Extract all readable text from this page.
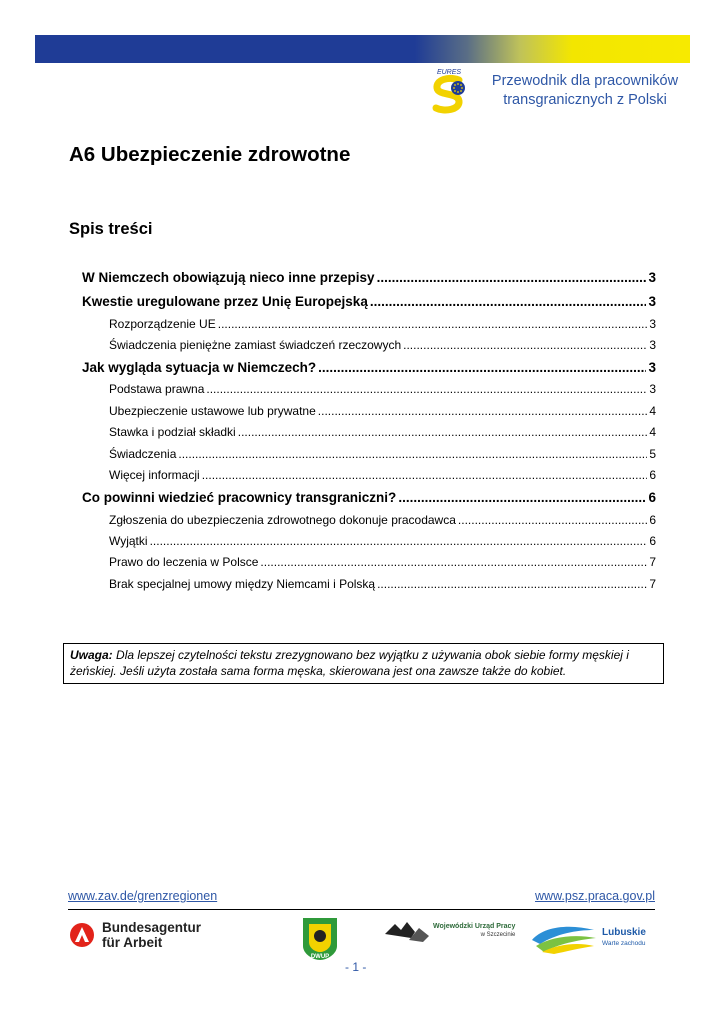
EURES
Przewodnik dla pracowników
transgranicznych z Polski
A6 Ubezpieczenie zdrowotne
Spis treści
W Niemczech obowiązują nieco inne przepisy .....	3
Kwestie uregulowane przez Unię Europejską .....	3
Rozporządzenie UE .....	3
Świadczenia pieniężne zamiast świadczeń rzeczowych .....	3
Jak wygląda sytuacja w Niemczech? .....	3
Podstawa prawna .....	3
Ubezpieczenie ustawowe lub prywatne .....	4
Stawka i podział składki .....	4
Świadczenia .....	5
Więcej informacji .....	6
Co powinni wiedzieć pracownicy transgraniczni? .....	6
Zgłoszenia do ubezpieczenia zdrowotnego dokonuje pracodawca .....	6
Wyjątki .....	6
Prawo do leczenia w Polsce .....	7
Brak specjalnej umowy między Niemcami i Polską .....	7
Uwaga: Dla lepszej czytelności tekstu zrezygnowano bez wyjątku z używania obok siebie formy męskiej i żeńskiej. Jeśli użyta została sama forma męska, skierowana jest ona zawsze także do kobiet.
www.zav.de/grenzregionen	www.psz.praca.gov.pl
Bundesagentur
für Arbeit
DWUP
Wojewódzki Urząd Pracy
w Szczecinie	Lubuskie
Warte zachodu
- 1 -
